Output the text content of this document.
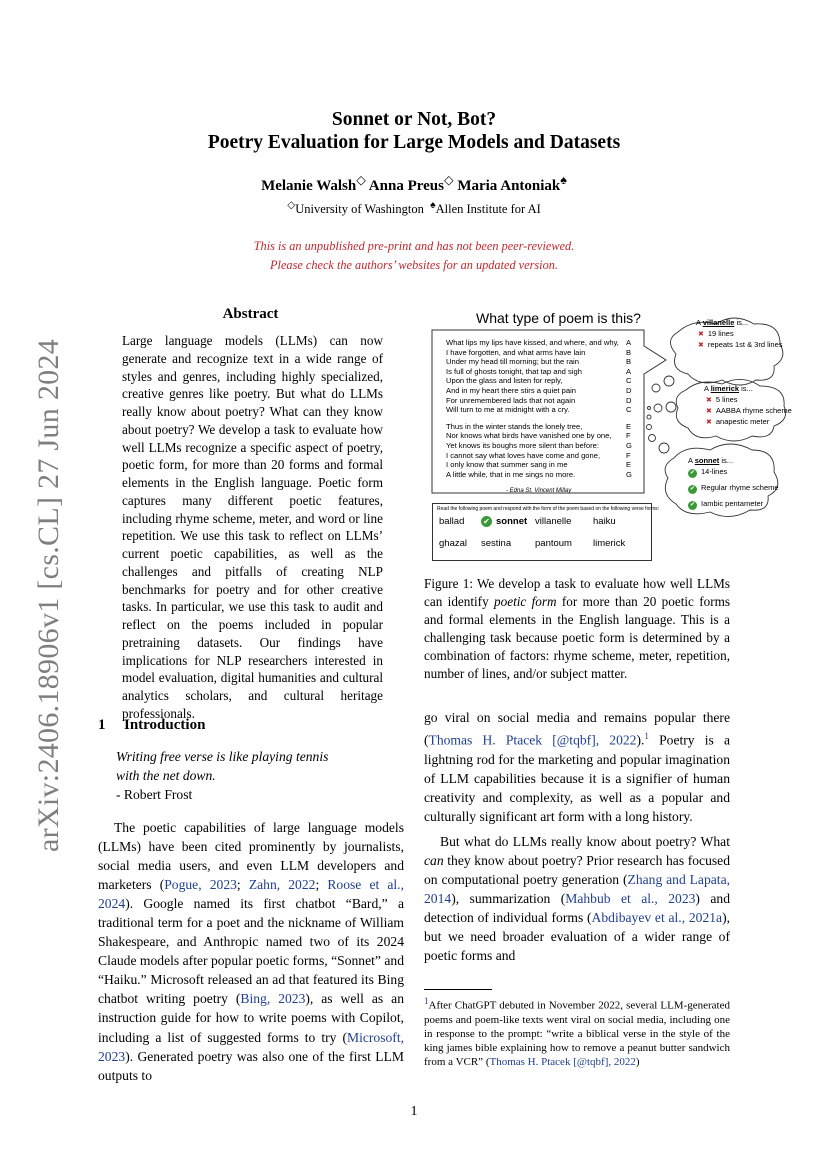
arXiv:2406.18906v1 [cs.CL] 27 Jun 2024
Sonnet or Not, Bot?
Poetry Evaluation for Large Models and Datasets
Melanie Walsh◇ Anna Preus◇ Maria Antoniak♠
◇University of Washington ♠Allen Institute for AI
This is an unpublished pre-print and has not been peer-reviewed.
Please check the authors’ websites for an updated version.
Abstract

Large language models (LLMs) can now generate and recognize text in a wide range of styles and genres, including highly specialized, creative genres like poetry. But what do LLMs really know about poetry? What can they know about poetry? We develop a task to evaluate how well LLMs recognize a specific aspect of poetry, poetic form, for more than 20 forms and formal elements in the English language. Poetic form captures many different poetic features, including rhyme scheme, meter, and word or line repetition. We use this task to reflect on LLMs’ current poetic capabilities, as well as the challenges and pitfalls of creating NLP benchmarks for poetry and for other creative tasks. In particular, we use this task to audit and reflect on the poems included in popular pretraining datasets. Our findings have implications for NLP researchers interested in model evaluation, digital humanities and cultural analytics scholars, and cultural heritage professionals.

1 Introduction
Writing free verse is like playing tennis
with the net down.
- Robert Frost

The poetic capabilities of large language models (LLMs) have been cited prominently by journalists, social media users, and even LLM developers and marketers (Pogue, 2023; Zahn, 2022; Roose et al., 2024). Google named its first chatbot “Bard,” a traditional term for a poet and the nickname of William Shakespeare, and Anthropic named two of its 2024 Claude models after popular poetic forms, “Sonnet” and “Haiku.” Microsoft released an ad that featured its Bing chatbot writing poetry (Bing, 2023), as well as an instruction guide for how to write poems with Copilot, including a list of suggested forms to try (Microsoft, 2023). Generated poetry was also one of the first LLM outputs to

go viral on social media and remains popular there (Thomas H. Ptacek [@tqbf], 2022).$^1$ Poetry is a lightning rod for the marketing and popular imagination of LLM capabilities because it is a signifier of human creativity and complexity, as well as a popular and culturally significant art form with a long history.

But what do LLMs really know about poetry? What can they know about poetry? Prior research has focused on computational poetry generation (Zhang and Lapata, 2014), summarization (Mahbub et al., 2023) and detection of individual forms (Abdibayev et al., 2021a), but we need broader evaluation of a wider range of poetic forms and

What type of poem is this?
What lips my lips have kissed, and where, and why, A
I have forgotten, and what arms have lain	B
Under my head till morning; but the rain	B
Is full of ghosts tonight, that tap and sigh	A
Upon the glass and listen for reply,	C
And in my heart there stirs a quiet pain	D
For unremembered lads that not again	D
Will turn to me at midnight with a cry.	C
Thus in the winter stands the lonely tree,	E
Nor knows what birds have vanished one by one, F
Yet knows its boughs more silent than before:	G
I cannot say what loves have come and gone,	F
I only know that summer sang in me	E
A little while, that in me sings no more.	G
- Edna St. Vincent Millay
Read the following poem and respond with the form of the poem based on the following verse forms:
ballad ✔ sonnet villanelle haiku
ghazal sestina	pantoum limerick
A villanelle is...
✖ 19 lines
✖ repeats 1st & 3rd lines
A limerick is...
✖ 5 lines
✖ AABBA rhyme scheme
✖ anapestic meter
A sonnet is...
✔ 14-lines
✔ Regular rhyme scheme
✔ Iambic pentameter

Figure 1: We develop a task to evaluate how well LLMs can identify poetic form for more than 20 poetic forms and formal elements in the English language. This is a challenging task because poetic form is determined by a combination of factors: rhyme scheme, meter, repetition, number of lines, and/or subject matter.

$^1$After ChatGPT debuted in November 2022, several LLM-generated poems and poem-like texts went viral on social media, including one in response to the prompt: “write a biblical verse in the style of the king james bible explaining how to remove a peanut butter sandwich from a VCR” (Thomas H. Ptacek [@tqbf], 2022)

1
